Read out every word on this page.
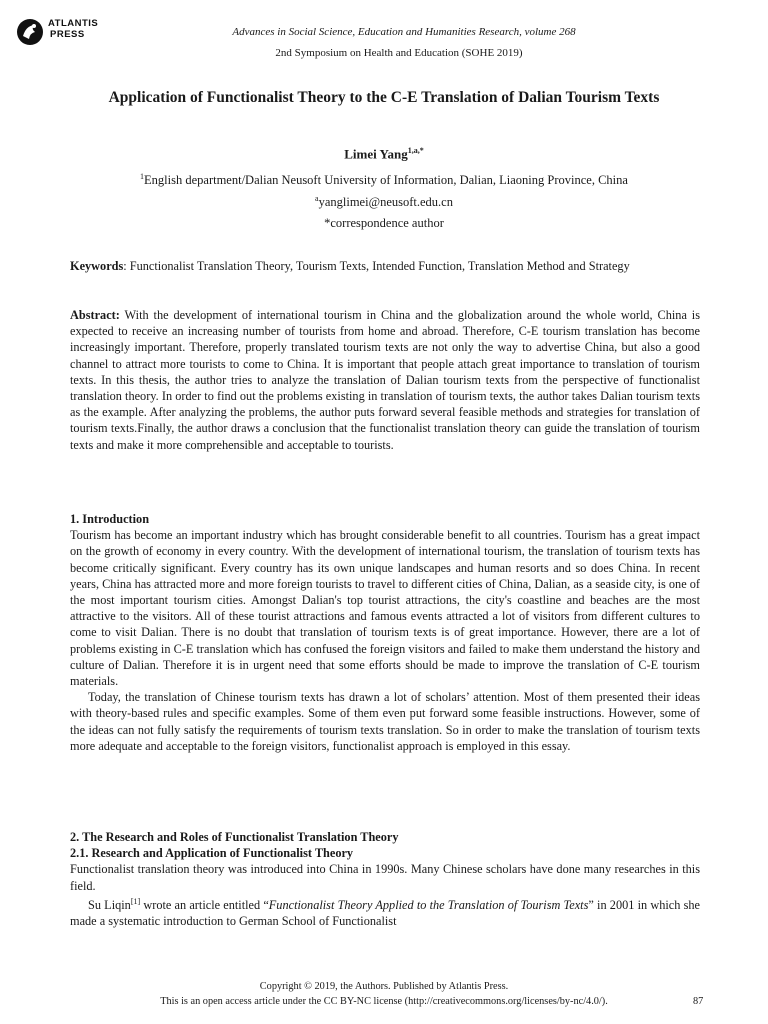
ATLANTIS
PRESS	Advances in Social Science, Education and Humanities Research, volume 268
2nd Symposium on Health and Education (SOHE 2019)
Application of Functionalist Theory to the C-E Translation of Dalian Tourism Texts
Limei Yang$^{1,a,*}$
$^1$English department/Dalian Neusoft University of Information, Dalian, Liaoning Province, China
$^a$yanglimei@neusoft.edu.cn
*correspondence author
Keywords: Functionalist Translation Theory, Tourism Texts, Intended Function, Translation Method and Strategy
Abstract: With the development of international tourism in China and the globalization around the whole world, China is expected to receive an increasing number of tourists from home and abroad. Therefore, C-E tourism translation has become increasingly important. Therefore, properly translated tourism texts are not only the way to advertise China, but also a good channel to attract more tourists to come to China. It is important that people attach great importance to translation of tourism texts. In this thesis, the author tries to analyze the translation of Dalian tourism texts from the perspective of functionalist translation theory. In order to find out the problems existing in translation of tourism texts, the author takes Dalian tourism texts as the example. After analyzing the problems, the author puts forward several feasible methods and strategies for translation of tourism texts.Finally, the author draws a conclusion that the functionalist translation theory can guide the translation of tourism texts and make it more comprehensible and acceptable to tourists.
1. Introduction
Tourism has become an important industry which has brought considerable benefit to all countries. Tourism has a great impact on the growth of economy in every country. With the development of international tourism, the translation of tourism texts has become critically significant. Every country has its own unique landscapes and human resorts and so does China. In recent years, China has attracted more and more foreign tourists to travel to different cities of China, Dalian, as a seaside city, is one of the most important tourism cities. Amongst Dalian's top tourist attractions, the city's coastline and beaches are the most attractive to the visitors. All of these tourist attractions and famous events attracted a lot of visitors from different cultures to come to visit Dalian. There is no doubt that translation of tourism texts is of great importance. However, there are a lot of problems existing in C-E translation which has confused the foreign visitors and failed to make them understand the history and culture of Dalian. Therefore it is in urgent need that some efforts should be made to improve the translation of C-E tourism materials.
Today, the translation of Chinese tourism texts has drawn a lot of scholars’ attention. Most of them presented their ideas with theory-based rules and specific examples. Some of them even put forward some feasible instructions. However, some of the ideas can not fully satisfy the requirements of tourism texts translation. So in order to make the translation of tourism texts more adequate and acceptable to the foreign visitors, functionalist approach is employed in this essay.
2. The Research and Roles of Functionalist Translation Theory
2.1. Research and Application of Functionalist Theory
Functionalist translation theory was introduced into China in 1990s. Many Chinese scholars have done many researches in this field.
Su Liqin[1] wrote an article entitled “Functionalist Theory Applied to the Translation of Tourism Texts” in 2001 in which she made a systematic introduction to German School of Functionalist
Copyright © 2019, the Authors. Published by Atlantis Press.
This is an open access article under the CC BY-NC license (http://creativecommons.org/licenses/by-nc/4.0/).	87
